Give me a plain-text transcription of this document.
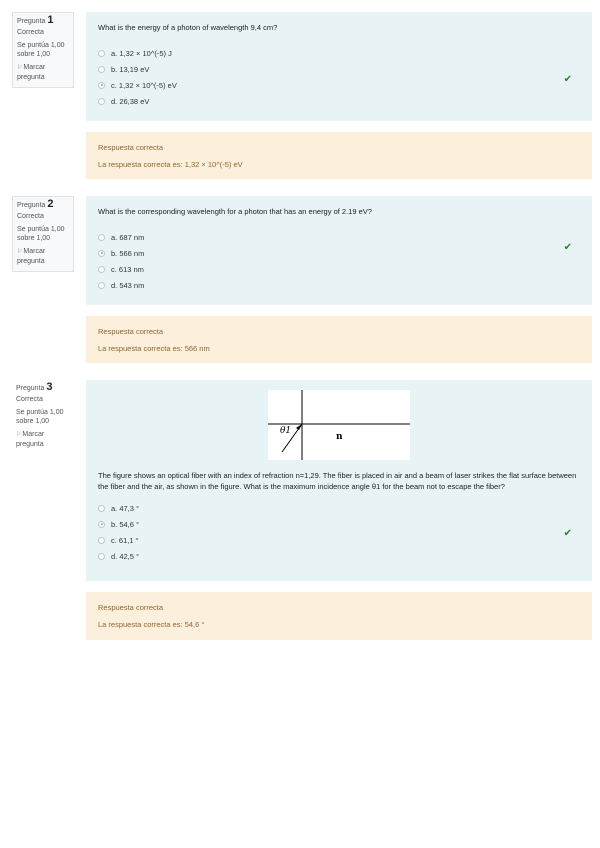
Pregunta 1
Correcta
Se puntúa 1,00 sobre 1,00
⚐Marcar pregunta
What is the energy of a photon of wavelength 9,4 cm?
a. 1,32 × 10^(-5) J
b. 13,19 eV
c. 1,32 × 10^(-5) eV
d. 26,38 eV
✔
Respuesta correcta
La respuesta correcta es: 1,32 × 10^(-5) eV
Pregunta 2
Correcta
Se puntúa 1,00 sobre 1,00
⚐Marcar pregunta
What is the corresponding wavelength for a photon that has an energy of 2.19 eV?
a. 687 nm
b. 566 nm
c. 613 nm
d. 543 nm
✔
Respuesta correcta
La respuesta correcta es: 566 nm
Pregunta 3
Correcta
Se puntúa 1,00 sobre 1,00
⚐Marcar pregunta
θ1
n
The figure shows an optical fiber with an index of refraction n=1,29. The fiber is placed in air and a beam of laser strikes the flat surface between the fiber and the air, as shown in the figure. What is the maximum incidence angle θ1 for the beam not to escape the fiber?
a. 47,3 °
b. 54,6 °
c. 61,1 °
d. 42,5 °
✔
Respuesta correcta
La respuesta correcta es: 54,6 °
